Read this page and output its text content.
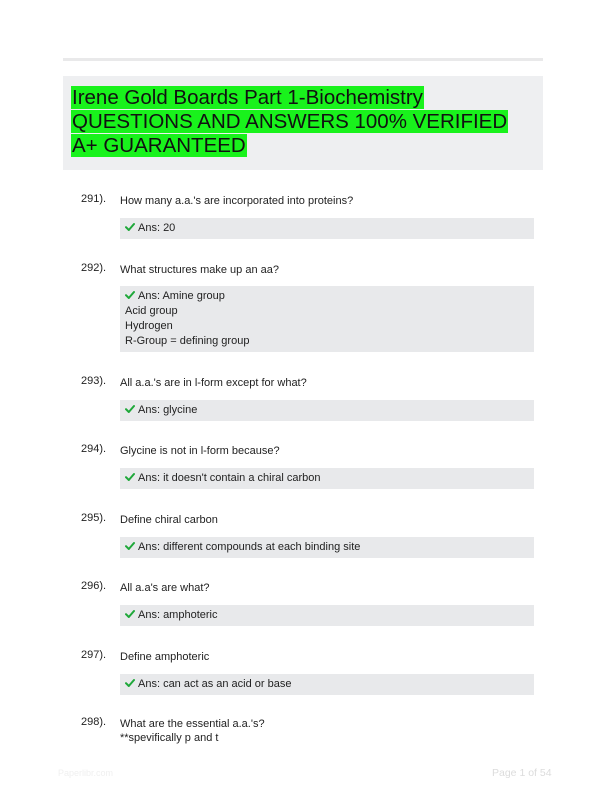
Irene Gold Boards Part 1-Biochemistry QUESTIONS AND ANSWERS 100% VERIFIED A+ GUARANTEED
291). How many a.a.'s are incorporated into proteins?
Ans: 20
292). What structures make up an aa?
Ans: Amine group
Acid group
Hydrogen
R-Group = defining group
293). All a.a.'s are in l-form except for what?
Ans: glycine
294). Glycine is not in l-form because?
Ans: it doesn't contain a chiral carbon
295). Define chiral carbon
Ans: different compounds at each binding site
296). All a.a's are what?
Ans: amphoteric
297). Define amphoteric
Ans: can act as an acid or base
298). What are the essential a.a.'s?
**spevifically p and t
Paperlibr.com	Page 1 of 54
